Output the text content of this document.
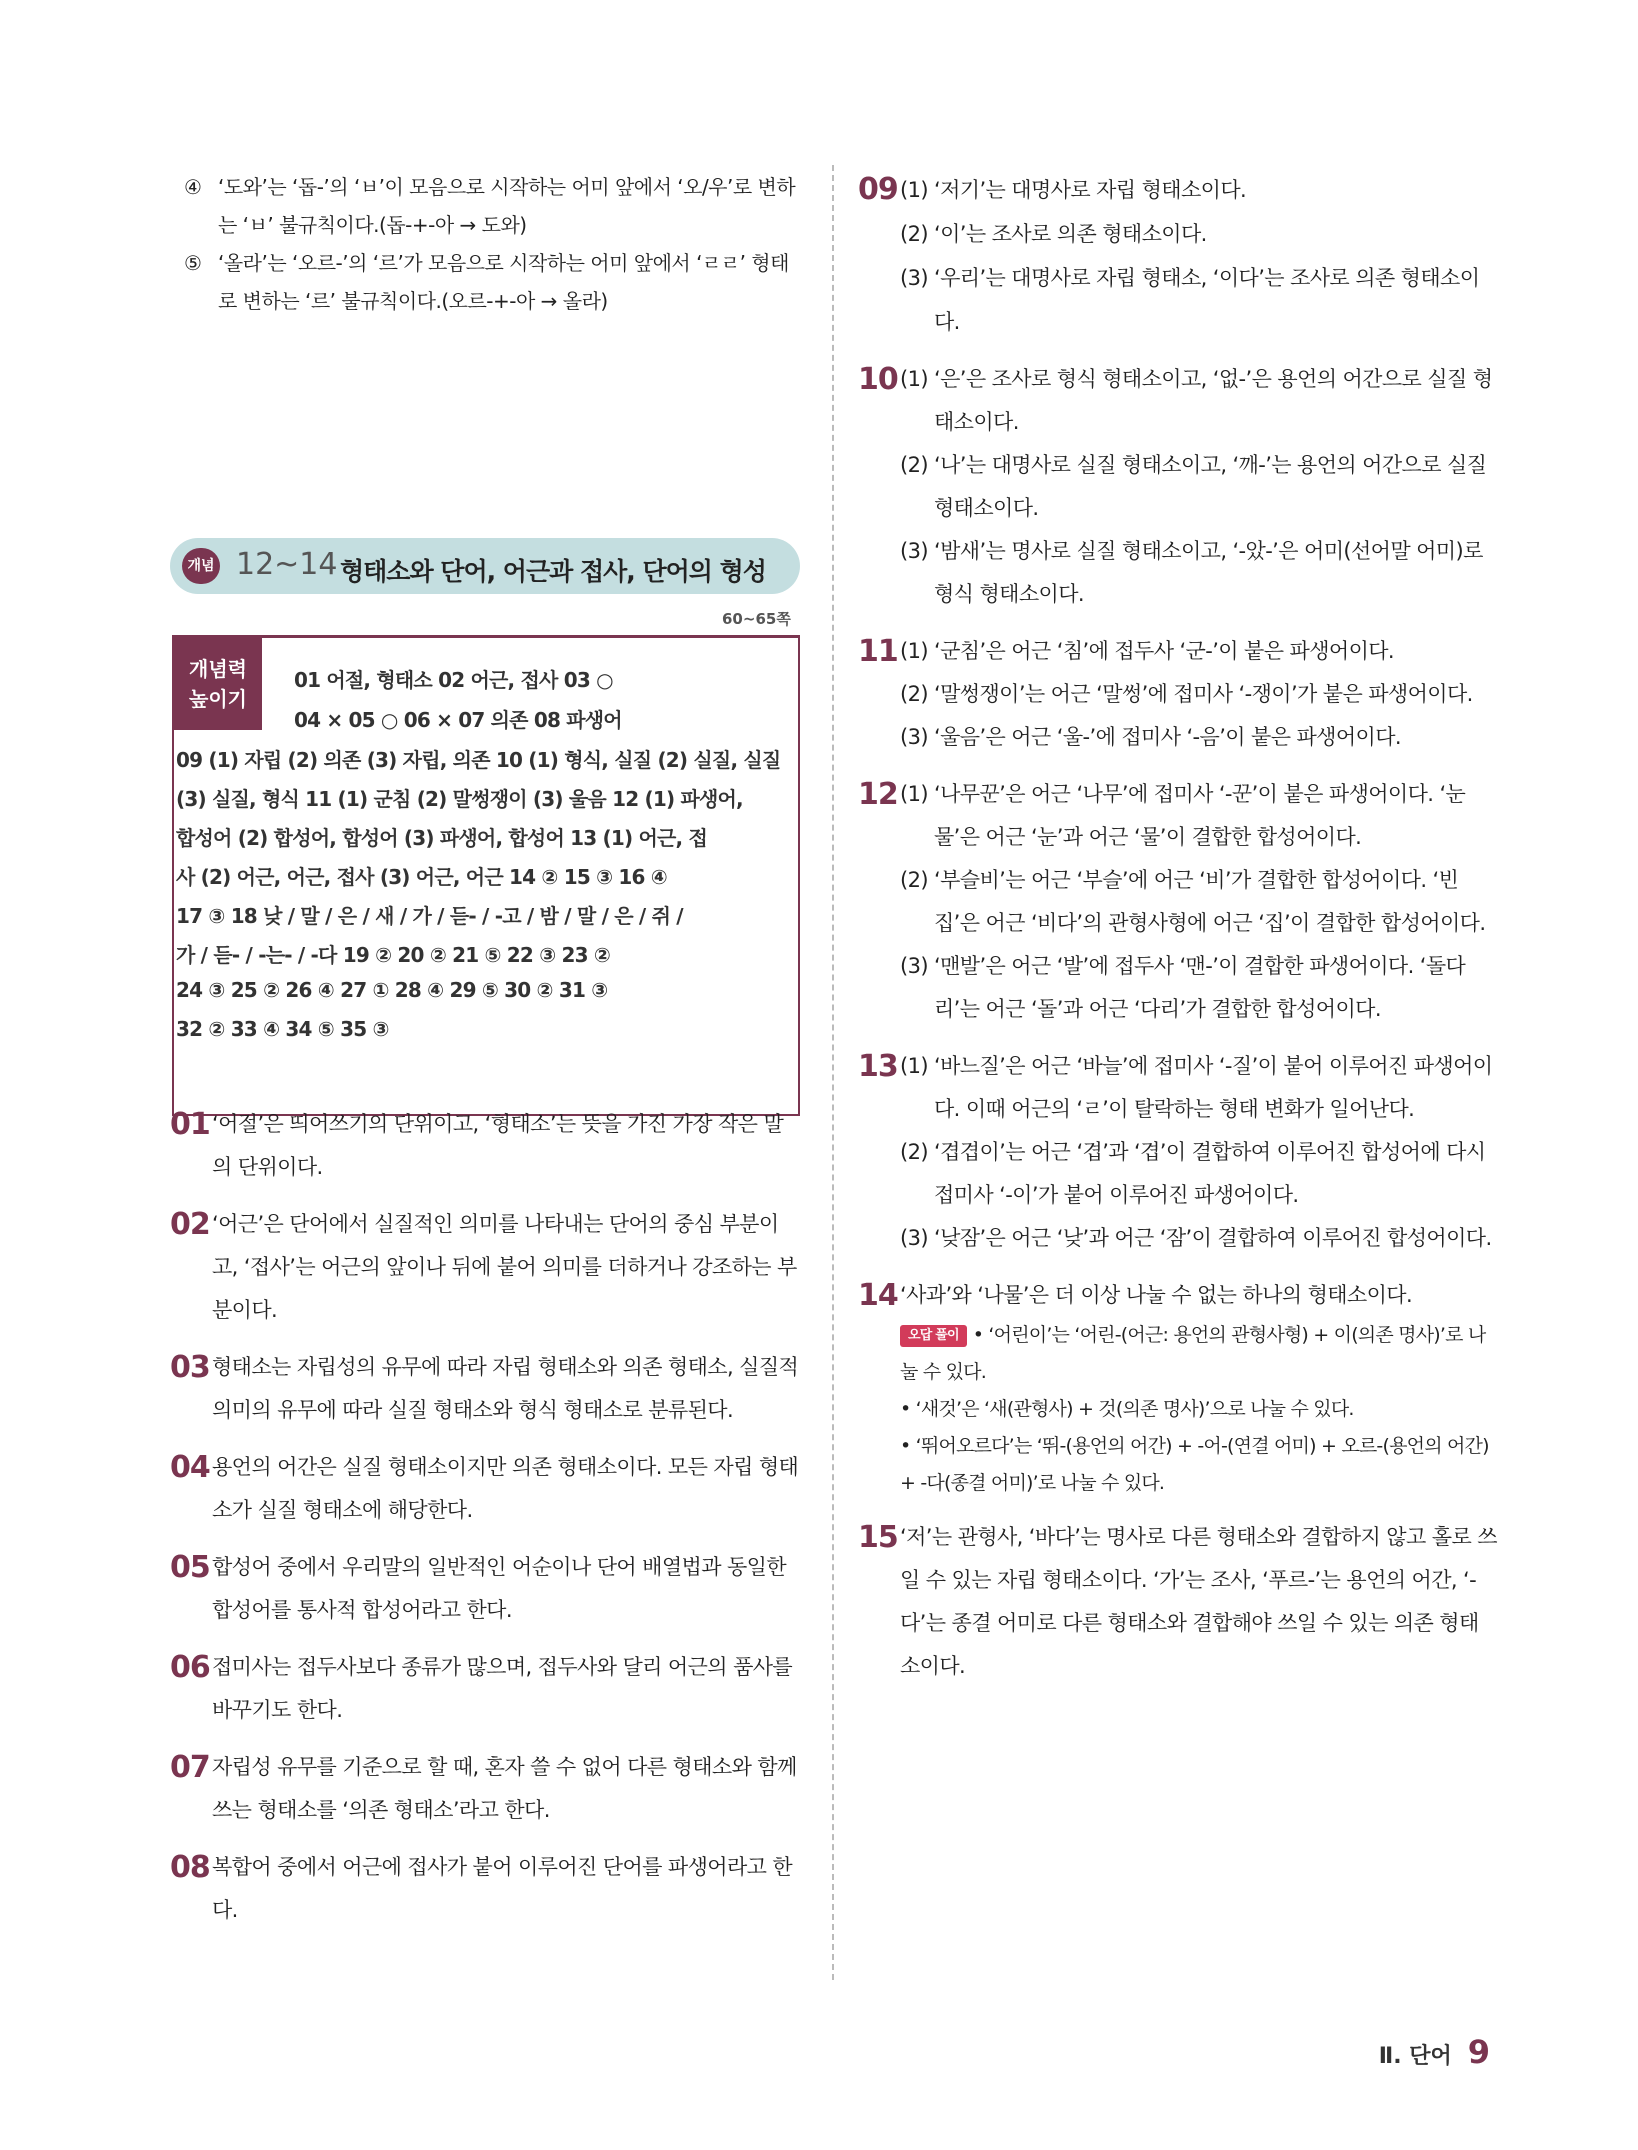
④ ‘도와’는 ‘돕-’의 ‘ㅂ’이 모음으로 시작하는 어미 앞에서 ‘오/우’로 변하는 ‘ㅂ’ 불규칙이다.(돕-+-아 → 도와)
⑤ ‘올라’는 ‘오르-’의 ‘르’가 모음으로 시작하는 어미 앞에서 ‘ㄹㄹ’ 형태로 변하는 ‘르’ 불규칙이다.(오르-+-아 → 올라)
개념 12~14 형태소와 단어, 어근과 접사, 단어의 형성
60~65쪽
개념력
높이기
01 어절, 형태소 02 어근, 접사 03 ○
04 × 05 ○ 06 × 07 의존 08 파생어
09 (1) 자립 (2) 의존 (3) 자립, 의존 10 (1) 형식, 실질 (2) 실질, 실질
(3) 실질, 형식 11 (1) 군침 (2) 말썽쟁이 (3) 울음 12 (1) 파생어,
합성어 (2) 합성어, 합성어 (3) 파생어, 합성어 13 (1) 어근, 접
사 (2) 어근, 어근, 접사 (3) 어근, 어근 14 ② 15 ③ 16 ④
17 ③ 18 낮 / 말 / 은 / 새 / 가 / 듣- / -고 / 밤 / 말 / 은 / 쥐 /
가 / 듣- / -는- / -다 19 ② 20 ② 21 ⑤ 22 ③ 23 ②
24 ③ 25 ② 26 ④ 27 ① 28 ④ 29 ⑤ 30 ② 31 ③
32 ② 33 ④ 34 ⑤ 35 ③
01 ‘어절’은 띄어쓰기의 단위이고, ‘형태소’는 뜻을 가진 가장 작은 말의 단위이다.
02 ‘어근’은 단어에서 실질적인 의미를 나타내는 단어의 중심 부분이고, ‘접사’는 어근의 앞이나 뒤에 붙어 의미를 더하거나 강조하는 부분이다.
03 형태소는 자립성의 유무에 따라 자립 형태소와 의존 형태소, 실질적 의미의 유무에 따라 실질 형태소와 형식 형태소로 분류된다.
04 용언의 어간은 실질 형태소이지만 의존 형태소이다. 모든 자립 형태소가 실질 형태소에 해당한다.
05 합성어 중에서 우리말의 일반적인 어순이나 단어 배열법과 동일한 합성어를 통사적 합성어라고 한다.
06 접미사는 접두사보다 종류가 많으며, 접두사와 달리 어근의 품사를 바꾸기도 한다.
07 자립성 유무를 기준으로 할 때, 혼자 쓸 수 없어 다른 형태소와 함께 쓰는 형태소를 ‘의존 형태소’라고 한다.
08 복합어 중에서 어근에 접사가 붙어 이루어진 단어를 파생어라고 한다.
09 (1) ‘저기’는 대명사로 자립 형태소이다.
(2) ‘이’는 조사로 의존 형태소이다.
(3) ‘우리’는 대명사로 자립 형태소, ‘이다’는 조사로 의존 형태소이다.
10 (1) ‘은’은 조사로 형식 형태소이고, ‘없-’은 용언의 어간으로 실질 형태소이다.
(2) ‘나’는 대명사로 실질 형태소이고, ‘깨-’는 용언의 어간으로 실질 형태소이다.
(3) ‘밤새’는 명사로 실질 형태소이고, ‘-았-’은 어미(선어말 어미)로 형식 형태소이다.
11 (1) ‘군침’은 어근 ‘침’에 접두사 ‘군-’이 붙은 파생어이다.
(2) ‘말썽쟁이’는 어근 ‘말썽’에 접미사 ‘-쟁이’가 붙은 파생어이다.
(3) ‘울음’은 어근 ‘울-’에 접미사 ‘-음’이 붙은 파생어이다.
12 (1) ‘나무꾼’은 어근 ‘나무’에 접미사 ‘-꾼’이 붙은 파생어이다. ‘눈물’은 어근 ‘눈’과 어근 ‘물’이 결합한 합성어이다.
(2) ‘부슬비’는 어근 ‘부슬’에 어근 ‘비’가 결합한 합성어이다. ‘빈집’은 어근 ‘비다’의 관형사형에 어근 ‘집’이 결합한 합성어이다.
(3) ‘맨발’은 어근 ‘발’에 접두사 ‘맨-’이 결합한 파생어이다. ‘돌다리’는 어근 ‘돌’과 어근 ‘다리’가 결합한 합성어이다.
13 (1) ‘바느질’은 어근 ‘바늘’에 접미사 ‘-질’이 붙어 이루어진 파생어이다. 이때 어근의 ‘ㄹ’이 탈락하는 형태 변화가 일어난다.
(2) ‘겹겹이’는 어근 ‘겹’과 ‘겹’이 결합하여 이루어진 합성어에 다시 접미사 ‘-이’가 붙어 이루어진 파생어이다.
(3) ‘낮잠’은 어근 ‘낮’과 어근 ‘잠’이 결합하여 이루어진 합성어이다.
14 ‘사과’와 ‘나물’은 더 이상 나눌 수 없는 하나의 형태소이다.
오답 풀이 • ‘어린이’는 ‘어린-(어근: 용언의 관형사형) + 이(의존 명사)’로 나눌 수 있다.
• ‘새것’은 ‘새(관형사) + 것(의존 명사)’으로 나눌 수 있다.
• ‘뛰어오르다’는 ‘뛰-(용언의 어간) + -어-(연결 어미) + 오르-(용언의 어간) + -다(종결 어미)’로 나눌 수 있다.
15 ‘저’는 관형사, ‘바다’는 명사로 다른 형태소와 결합하지 않고 홀로 쓰일 수 있는 자립 형태소이다. ‘가’는 조사, ‘푸르-’는 용언의 어간, ‘-다’는 종결 어미로 다른 형태소와 결합해야 쓰일 수 있는 의존 형태소이다.
Ⅱ. 단어 9
